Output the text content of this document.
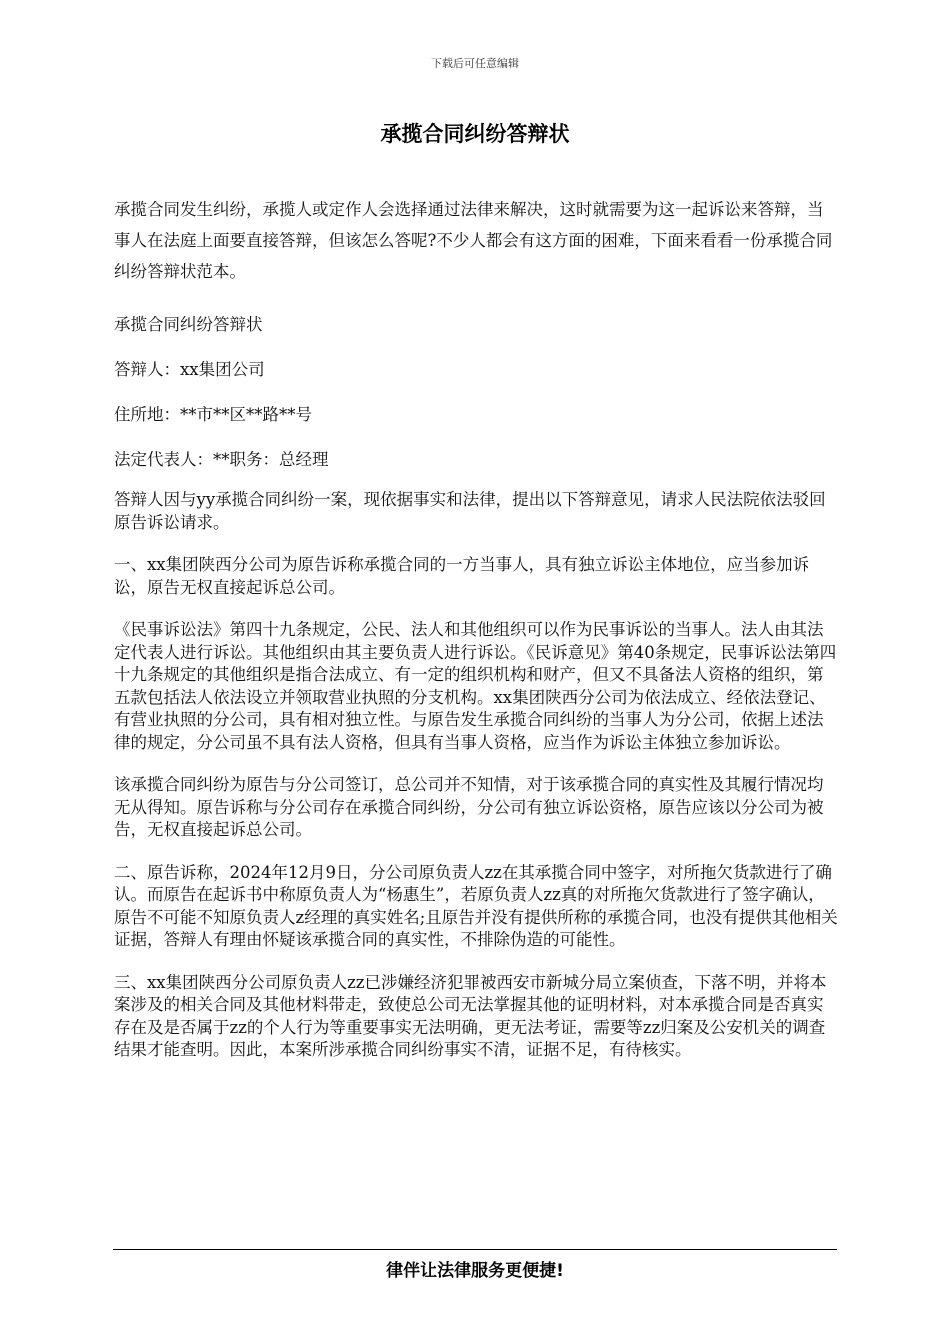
下载后可任意编辑
承揽合同纠纷答辩状

承揽合同发生纠纷，承揽人或定作人会选择通过法律来解决，这时就需要为这一起诉讼来答辩，当事人在法庭上面要直接答辩，但该怎么答呢?不少人都会有这方面的困难，下面来看看一份承揽合同纠纷答辩状范本。

承揽合同纠纷答辩状

答辩人：xx集团公司

住所地：**市**区**路**号

法定代表人：**职务：总经理

答辩人因与yy承揽合同纠纷一案，现依据事实和法律，提出以下答辩意见，请求人民法院依法驳回原告诉讼请求。

一、xx集团陕西分公司为原告诉称承揽合同的一方当事人，具有独立诉讼主体地位，应当参加诉讼，原告无权直接起诉总公司。

《民事诉讼法》第四十九条规定，公民、法人和其他组织可以作为民事诉讼的当事人。法人由其法定代表人进行诉讼。其他组织由其主要负责人进行诉讼。《民诉意见》第40条规定，民事诉讼法第四十九条规定的其他组织是指合法成立、有一定的组织机构和财产，但又不具备法人资格的组织，第五款包括法人依法设立并领取营业执照的分支机构。xx集团陕西分公司为依法成立、经依法登记、有营业执照的分公司，具有相对独立性。与原告发生承揽合同纠纷的当事人为分公司，依据上述法律的规定，分公司虽不具有法人资格，但具有当事人资格，应当作为诉讼主体独立参加诉讼。

该承揽合同纠纷为原告与分公司签订，总公司并不知情，对于该承揽合同的真实性及其履行情况均无从得知。原告诉称与分公司存在承揽合同纠纷，分公司有独立诉讼资格，原告应该以分公司为被告，无权直接起诉总公司。

二、原告诉称，2024年12月9日，分公司原负责人zz在其承揽合同中签字，对所拖欠货款进行了确认。而原告在起诉书中称原负责人为“杨惠生”，若原负责人zz真的对所拖欠货款进行了签字确认，原告不可能不知原负责人z经理的真实姓名;且原告并没有提供所称的承揽合同，也没有提供其他相关证据，答辩人有理由怀疑该承揽合同的真实性，不排除伪造的可能性。

三、xx集团陕西分公司原负责人zz已涉嫌经济犯罪被西安市新城分局立案侦查，下落不明，并将本案涉及的相关合同及其他材料带走，致使总公司无法掌握其他的证明材料，对本承揽合同是否真实存在及是否属于zz的个人行为等重要事实无法明确，更无法考证，需要等zz归案及公安机关的调查结果才能查明。因此，本案所涉承揽合同纠纷事实不清，证据不足，有待核实。

律伴让法律服务更便捷!
